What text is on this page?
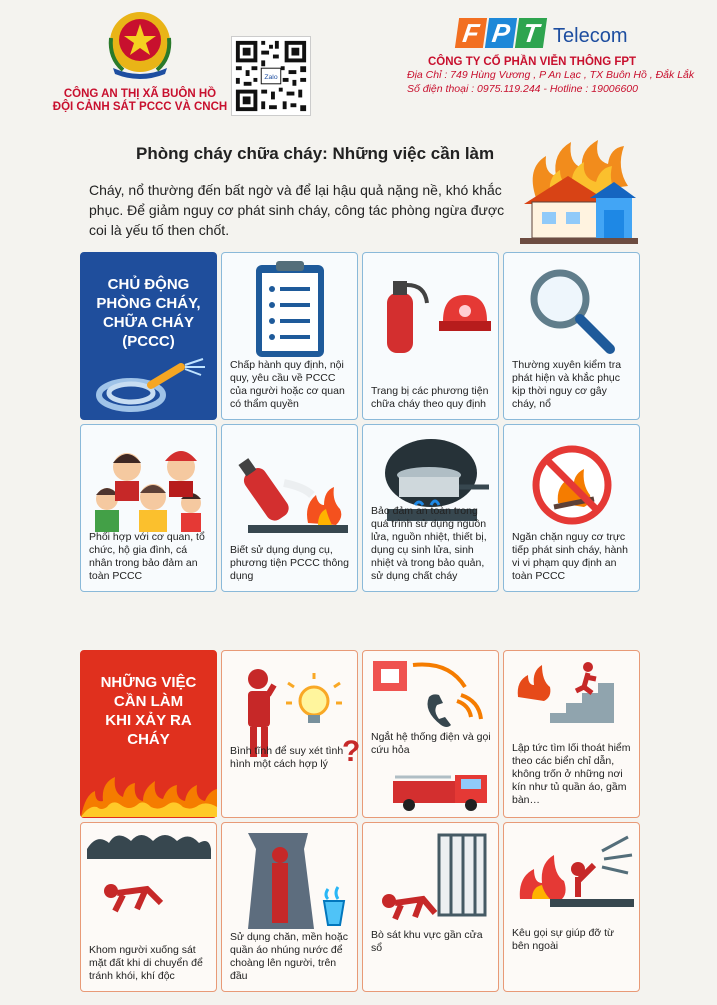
CÔNG AN THỊ XÃ BUÔN HỒ
ĐỘI CẢNH SÁT PCCC VÀ CNCH
Zalo
F P T Telecom
CÔNG TY CỔ PHẦN VIỄN THÔNG FPT
Địa Chỉ : 749 Hùng Vương , P An Lạc , TX Buôn Hồ , Đắk Lắk
Số điện thoại : 0975.119.244 - Hotline : 19006600
Phòng cháy chữa cháy: Những việc cần làm
Cháy, nổ thường đến bất ngờ và để lại hậu quả nặng nề, khó khắc phục. Để giảm nguy cơ phát sinh cháy, công tác phòng ngừa được coi là yếu tố then chốt.
CHỦ ĐỘNG
PHÒNG CHÁY,
CHỮA CHÁY
(PCCC)
Chấp hành quy định, nội quy, yêu cầu về PCCC của người hoặc cơ quan có thẩm quyền
Trang bị các phương tiện chữa cháy theo quy định
Thường xuyên kiểm tra phát hiện và khắc phục kịp thời nguy cơ gây cháy, nổ
Phối hợp với cơ quan, tổ chức, hộ gia đình, cá nhân trong bảo đảm an toàn PCCC
Biết sử dụng dụng cụ, phương tiện PCCC thông dụng
Bảo đảm an toàn trong quá trình sử dụng nguồn lửa, nguồn nhiệt, thiết bị, dụng cụ sinh lửa, sinh nhiệt và trong bảo quản, sử dụng chất cháy
Ngăn chặn nguy cơ trực tiếp phát sinh cháy, hành vi vi phạm quy định an toàn PCCC
NHỮNG VIỆC
CẦN LÀM
KHI XẢY RA
CHÁY	?
Bình tĩnh để suy xét tình hình một cách hợp lý
Ngắt hệ thống điện và gọi cứu hỏa	Lập tức tìm lối thoát hiểm theo các biển chỉ dẫn, không trốn ở những nơi kín như tủ quần áo, gầm bàn…
Khom người xuống sát mặt đất khi di chuyển để tránh khói, khí độc
Sử dụng chăn, mền hoặc quần áo nhúng nước để choàng lên người, trên đầu
Bò sát khu vực gần cửa sổ
Kêu gọi sự giúp đỡ từ bên ngoài
